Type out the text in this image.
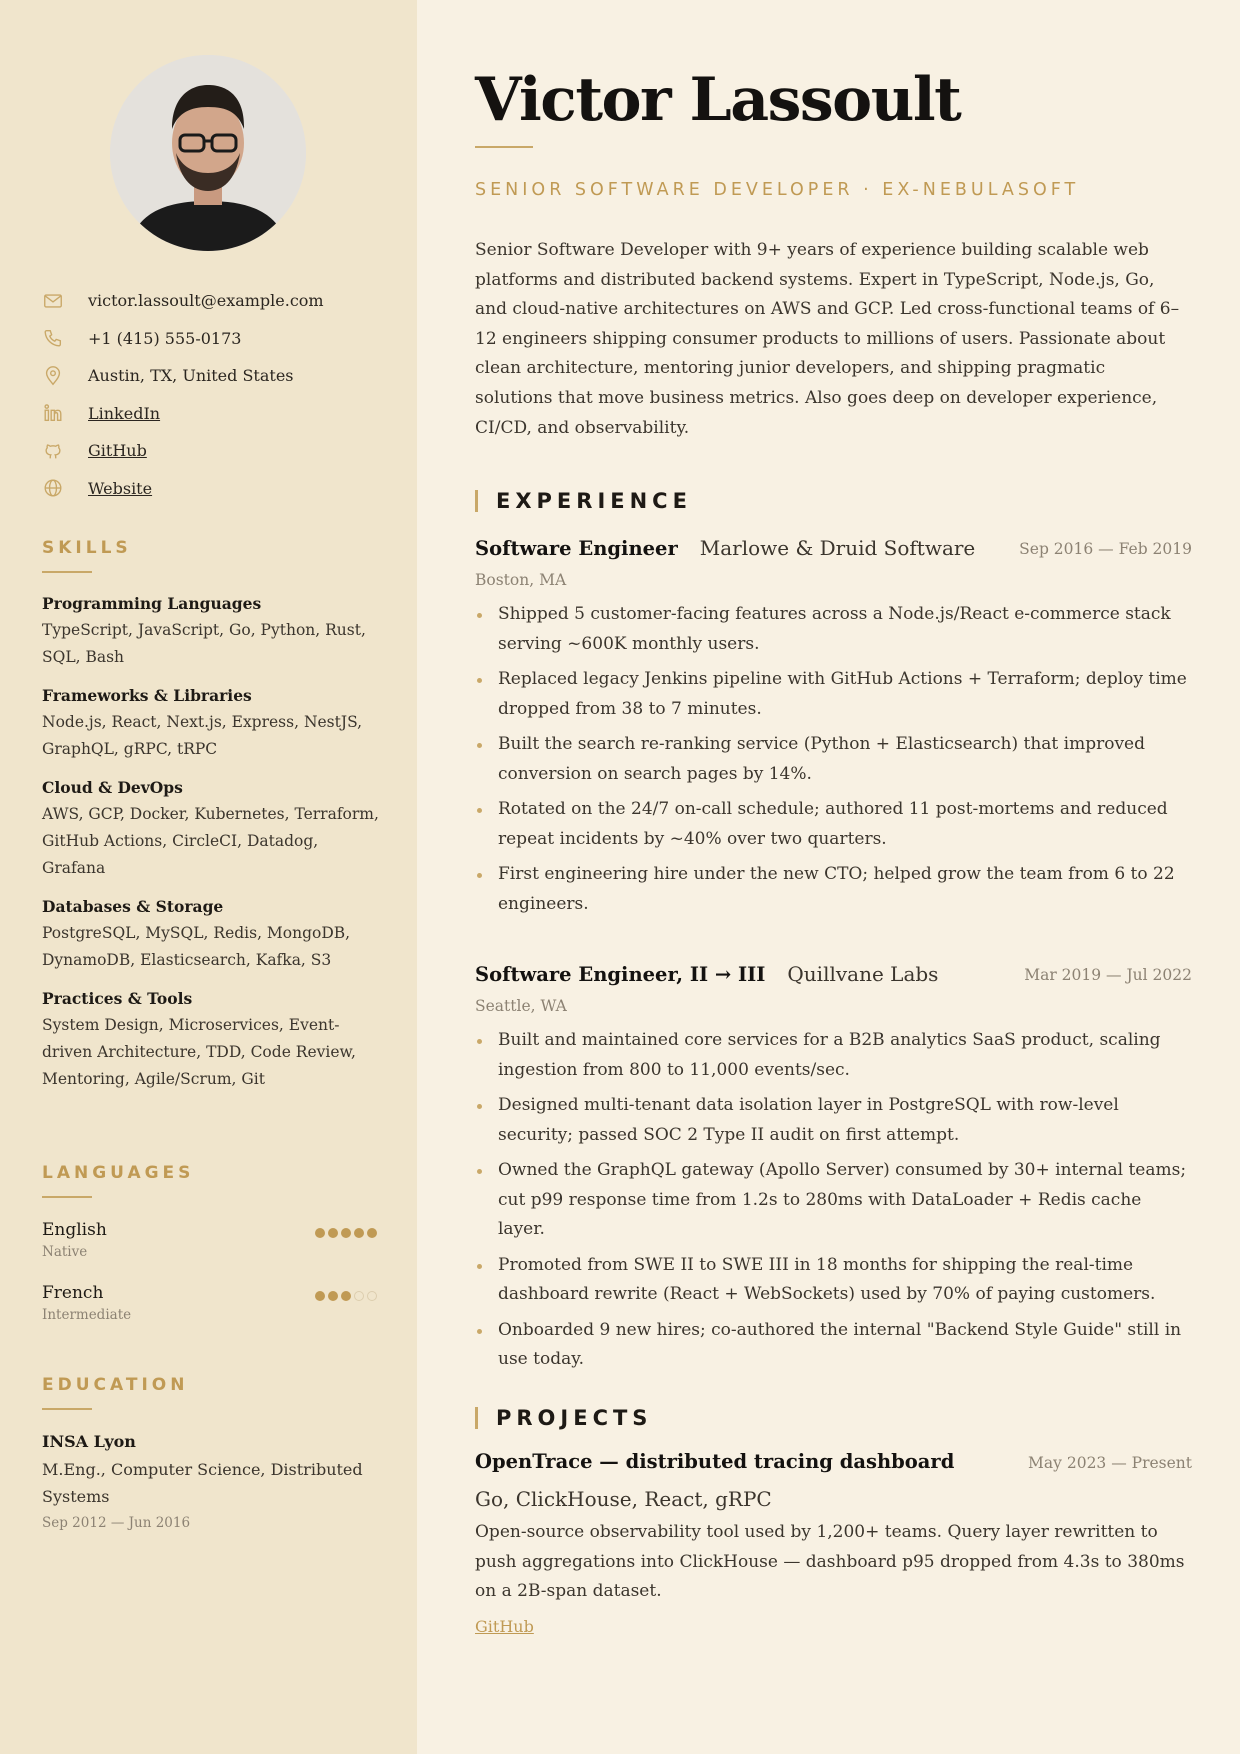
victor.lassoult@example.com
+1 (415) 555-0173
Austin, TX, United States
LinkedIn
GitHub
Website
SKILLS
Programming Languages
TypeScript, JavaScript, Go, Python, Rust, SQL, Bash
Frameworks & Libraries
Node.js, React, Next.js, Express, NestJS, GraphQL, gRPC, tRPC
Cloud & DevOps
AWS, GCP, Docker, Kubernetes, Terraform, GitHub Actions, CircleCI, Datadog, Grafana
Databases & Storage
PostgreSQL, MySQL, Redis, MongoDB, DynamoDB, Elasticsearch, Kafka, S3
Practices & Tools
System Design, Microservices, Event-driven Architecture, TDD, Code Review, Mentoring, Agile/Scrum, Git
LANGUAGES
English
Native
French
Intermediate
EDUCATION
INSA Lyon
M.Eng., Computer Science, Distributed Systems
Sep 2012 — Jun 2016
Victor Lassoult
SENIOR SOFTWARE DEVELOPER · EX-NEBULASOFT
Senior Software Developer with 9+ years of experience building scalable web platforms and distributed backend systems. Expert in TypeScript, Node.js, Go, and cloud-native architectures on AWS and GCP. Led cross-functional teams of 6–12 engineers shipping consumer products to millions of users. Passionate about clean architecture, mentoring junior developers, and shipping pragmatic solutions that move business metrics. Also goes deep on developer experience, CI/CD, and observability.
EXPERIENCE
Software Engineer Marlowe & Druid Software	Sep 2016 — Feb 2019
Boston, MA
Shipped 5 customer-facing features across a Node.js/React e-commerce stack serving ~600K monthly users.
Replaced legacy Jenkins pipeline with GitHub Actions + Terraform; deploy time dropped from 38 to 7 minutes.
Built the search re-ranking service (Python + Elasticsearch) that improved conversion on search pages by 14%.
Rotated on the 24/7 on-call schedule; authored 11 post-mortems and reduced repeat incidents by ~40% over two quarters.
First engineering hire under the new CTO; helped grow the team from 6 to 22 engineers.
Software Engineer, II → III Quillvane Labs	Mar 2019 — Jul 2022
Seattle, WA
Built and maintained core services for a B2B analytics SaaS product, scaling ingestion from 800 to 11,000 events/sec.
Designed multi-tenant data isolation layer in PostgreSQL with row-level security; passed SOC 2 Type II audit on first attempt.
Owned the GraphQL gateway (Apollo Server) consumed by 30+ internal teams; cut p99 response time from 1.2s to 280ms with DataLoader + Redis cache layer.
Promoted from SWE II to SWE III in 18 months for shipping the real-time dashboard rewrite (React + WebSockets) used by 70% of paying customers.
Onboarded 9 new hires; co-authored the internal "Backend Style Guide" still in use today.
PROJECTS
OpenTrace — distributed tracing dashboard	May 2023 — Present
Go, ClickHouse, React, gRPC
Open-source observability tool used by 1,200+ teams. Query layer rewritten to push aggregations into ClickHouse — dashboard p95 dropped from 4.3s to 380ms on a 2B-span dataset.
GitHub
